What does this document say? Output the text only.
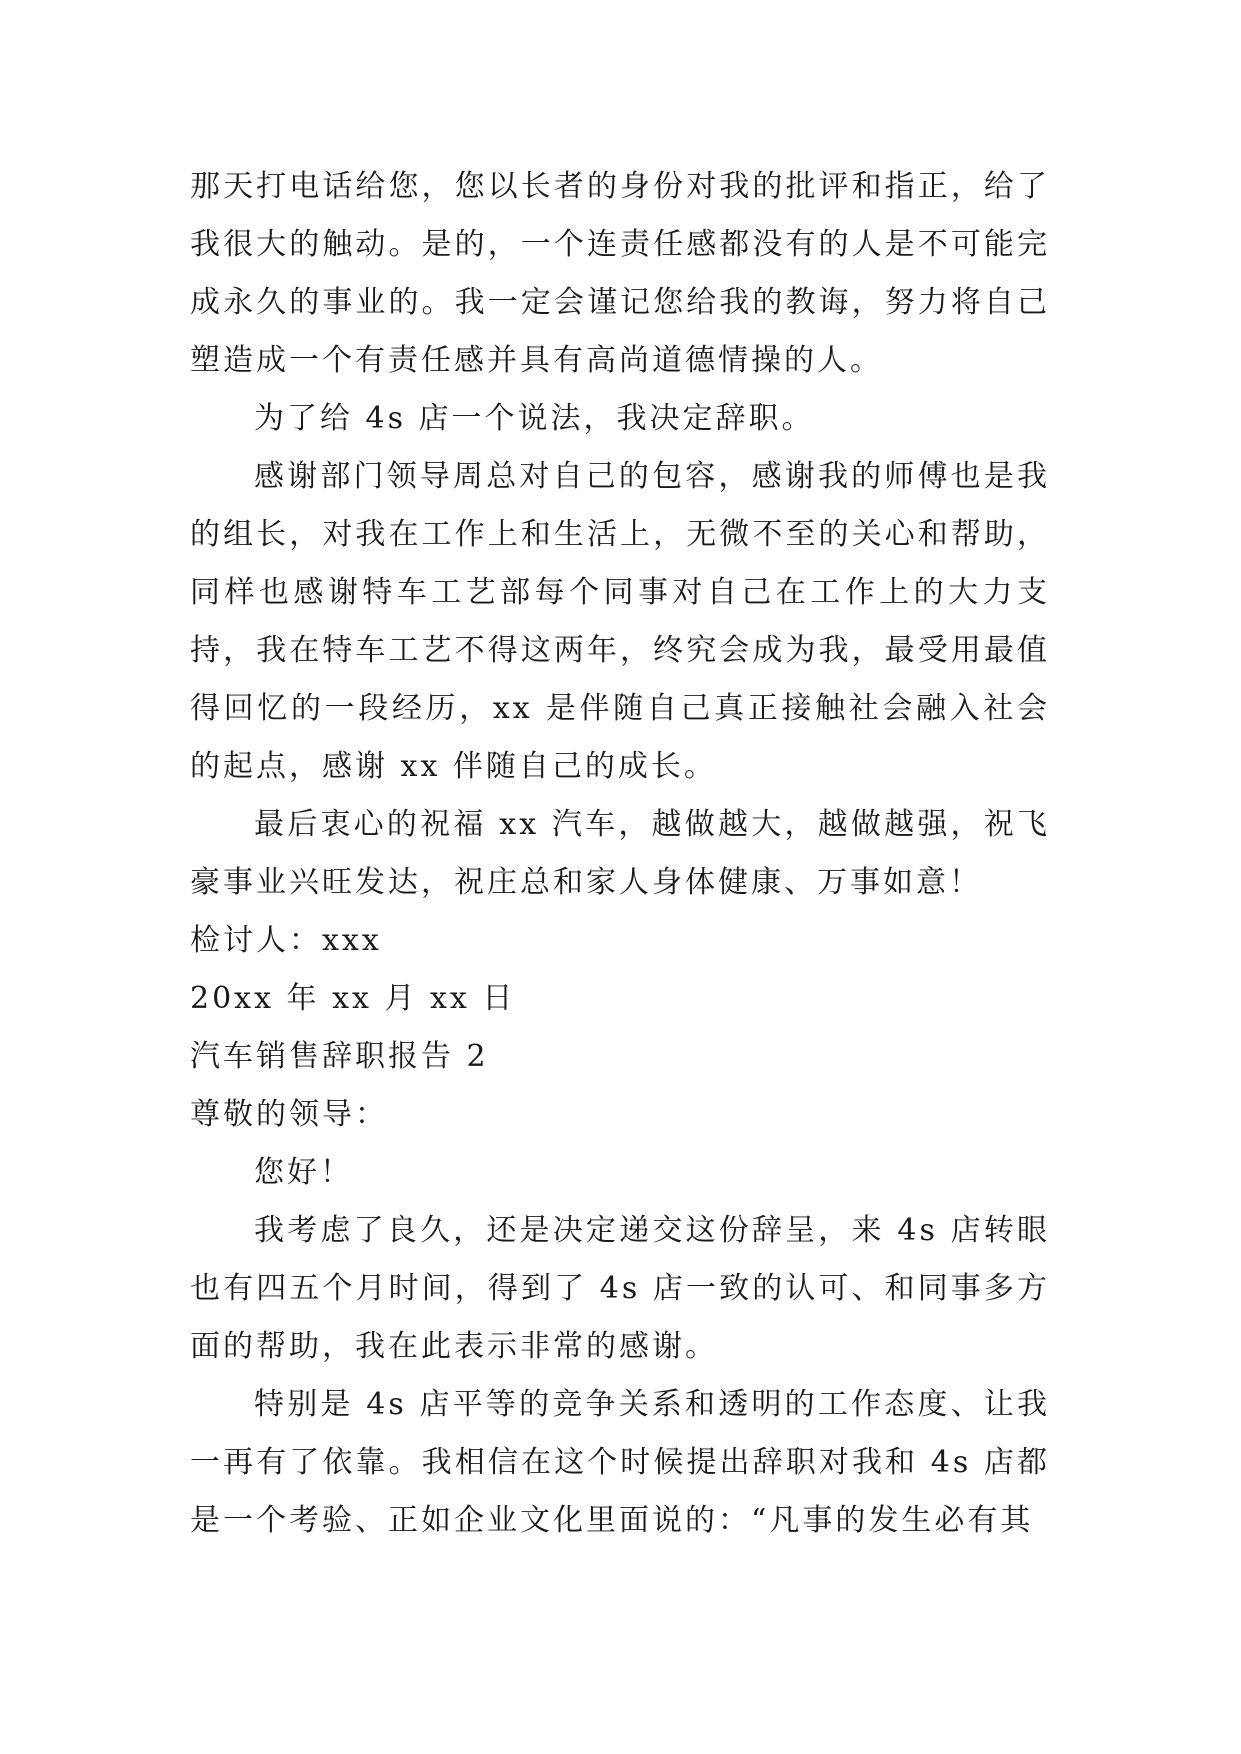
那天打电话给您，您以长者的身份对我的批评和指正，给了我很大的触动。是的，一个连责任感都没有的人是不可能完成永久的事业的。我一定会谨记您给我的教诲，努力将自己塑造成一个有责任感并具有高尚道德情操的人。

为了给 4s 店一个说法，我决定辞职。

感谢部门领导周总对自己的包容，感谢我的师傅也是我的组长，对我在工作上和生活上，无微不至的关心和帮助，同样也感谢特车工艺部每个同事对自己在工作上的大力支持，我在特车工艺不得这两年，终究会成为我，最受用最值得回忆的一段经历，xx 是伴随自己真正接触社会融入社会的起点，感谢 xx 伴随自己的成长。

最后衷心的祝福 xx 汽车，越做越大，越做越强，祝飞豪事业兴旺发达，祝庄总和家人身体健康、万事如意！

检讨人：xxx

20xx 年 xx 月 xx 日

汽车销售辞职报告 2

尊敬的领导：

您好！

我考虑了良久，还是决定递交这份辞呈，来 4s 店转眼也有四五个月时间，得到了 4s 店一致的认可、和同事多方面的帮助，我在此表示非常的感谢。

特别是 4s 店平等的竞争关系和透明的工作态度、让我一再有了依靠。我相信在这个时候提出辞职对我和 4s 店都是一个考验、正如企业文化里面说的：“凡事的发生必有其
